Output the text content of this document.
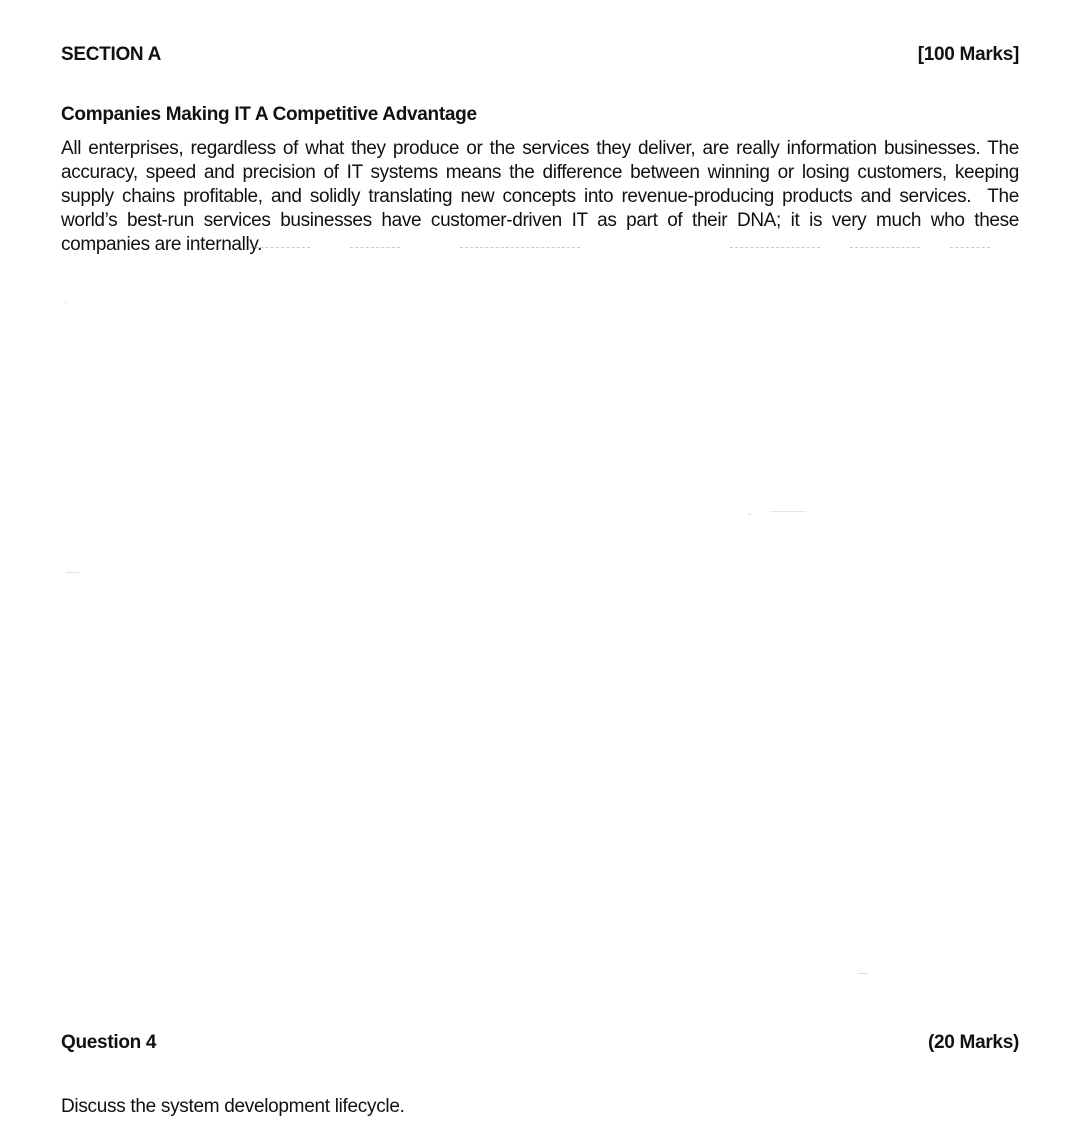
SECTION A	[100 Marks]
Companies Making IT A Competitive Advantage
All enterprises, regardless of what they produce or the services they deliver, are really information businesses. The accuracy, speed and precision of IT systems means the difference between winning or losing customers, keeping supply chains profitable, and solidly translating new concepts into revenue-producing products and services.  The world’s best-run services businesses have customer-driven IT as part of their DNA; it is very much who these companies are internally.
Question 4	(20 Marks)
Discuss the system development lifecycle.
